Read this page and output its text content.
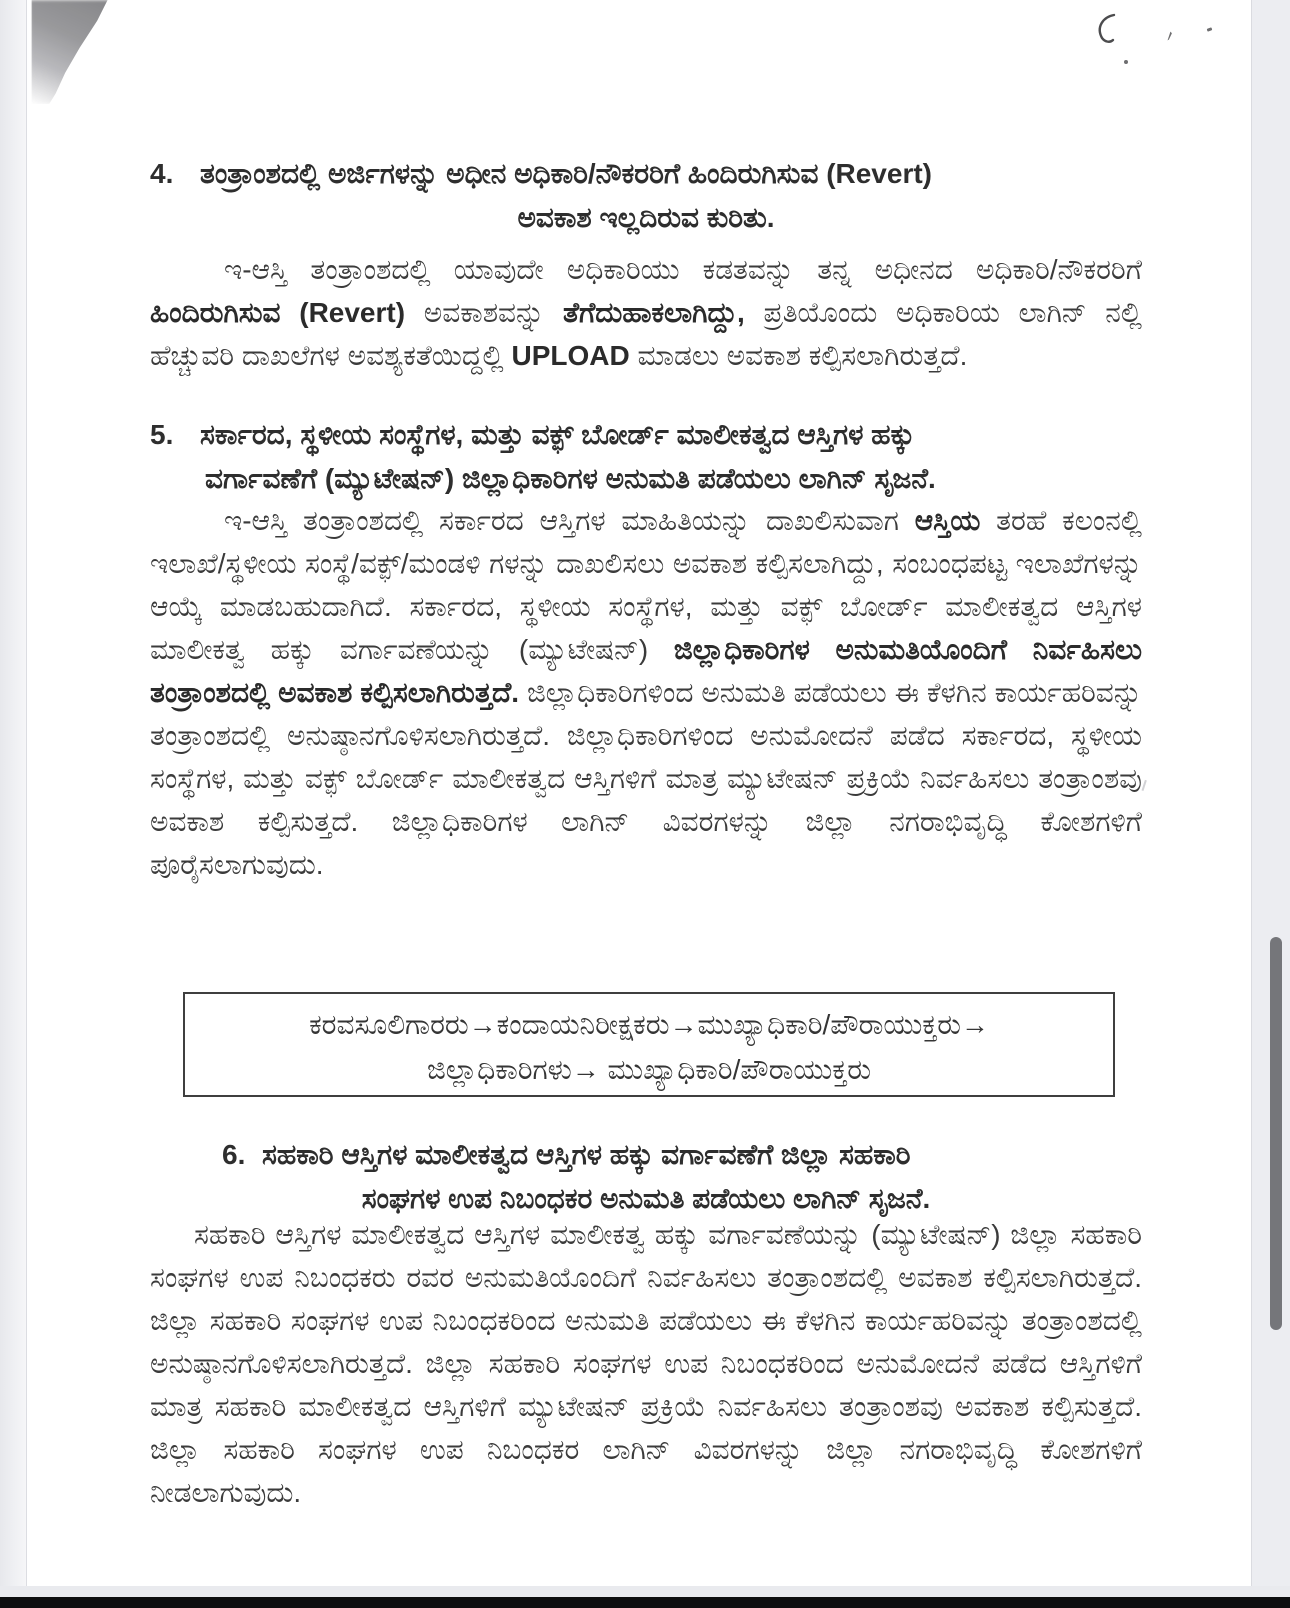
4. ತಂತ್ರಾಂಶದಲ್ಲಿ ಅರ್ಜಿಗಳನ್ನು ಅಧೀನ ಅಧಿಕಾರಿ/ನೌಕರರಿಗೆ ಹಿಂದಿರುಗಿಸುವ (Revert)
ಅವಕಾಶ ಇಲ್ಲದಿರುವ ಕುರಿತು.

ಇ-ಆಸ್ತಿ ತಂತ್ರಾಂಶದಲ್ಲಿ ಯಾವುದೇ ಅಧಿಕಾರಿಯು ಕಡತವನ್ನು ತನ್ನ ಅಧೀನದ ಅಧಿಕಾರಿ/ನೌಕರರಿಗೆ ಹಿಂದಿರುಗಿಸುವ (Revert) ಅವಕಾಶವನ್ನು ತೆಗೆದುಹಾಕಲಾಗಿದ್ದು, ಪ್ರತಿಯೊಂದು ಅಧಿಕಾರಿಯ ಲಾಗಿನ್ ನಲ್ಲಿ ಹೆಚ್ಚುವರಿ ದಾಖಲೆಗಳ ಅವಶ್ಯಕತೆಯಿದ್ದಲ್ಲಿ UPLOAD ಮಾಡಲು ಅವಕಾಶ ಕಲ್ಪಿಸಲಾಗಿರುತ್ತದೆ.

5. ಸರ್ಕಾರದ, ಸ್ಥಳೀಯ ಸಂಸ್ಥೆಗಳ, ಮತ್ತು ವಕ್ಫ್ ಬೋರ್ಡ್ ಮಾಲೀಕತ್ವದ ಆಸ್ತಿಗಳ ಹಕ್ಕು
ವರ್ಗಾವಣೆಗೆ (ಮ್ಯುಟೇಷನ್) ಜಿಲ್ಲಾಧಿಕಾರಿಗಳ ಅನುಮತಿ ಪಡೆಯಲು ಲಾಗಿನ್ ಸೃಜನೆ.

ಇ-ಆಸ್ತಿ ತಂತ್ರಾಂಶದಲ್ಲಿ ಸರ್ಕಾರದ ಆಸ್ತಿಗಳ ಮಾಹಿತಿಯನ್ನು ದಾಖಲಿಸುವಾಗ ಆಸ್ತಿಯ ತರಹೆ ಕಲಂನಲ್ಲಿ ಇಲಾಖೆ/ಸ್ಥಳೀಯ ಸಂಸ್ಥೆ/ವಕ್ಫ್/ಮಂಡಳಿ ಗಳನ್ನು ದಾಖಲಿಸಲು ಅವಕಾಶ ಕಲ್ಪಿಸಲಾಗಿದ್ದು, ಸಂಬಂಧಪಟ್ಟ ಇಲಾಖೆಗಳನ್ನು ಆಯ್ಕೆ ಮಾಡಬಹುದಾಗಿದೆ. ಸರ್ಕಾರದ, ಸ್ಥಳೀಯ ಸಂಸ್ಥೆಗಳ, ಮತ್ತು ವಕ್ಫ್ ಬೋರ್ಡ್ ಮಾಲೀಕತ್ವದ ಆಸ್ತಿಗಳ ಮಾಲೀಕತ್ವ ಹಕ್ಕು ವರ್ಗಾವಣೆಯನ್ನು (ಮ್ಯುಟೇಷನ್) ಜಿಲ್ಲಾಧಿಕಾರಿಗಳ ಅನುಮತಿಯೊಂದಿಗೆ ನಿರ್ವಹಿಸಲು ತಂತ್ರಾಂಶದಲ್ಲಿ ಅವಕಾಶ ಕಲ್ಪಿಸಲಾಗಿರುತ್ತದೆ. ಜಿಲ್ಲಾಧಿಕಾರಿಗಳಿಂದ ಅನುಮತಿ ಪಡೆಯಲು ಈ ಕೆಳಗಿನ ಕಾರ್ಯಹರಿವನ್ನು ತಂತ್ರಾಂಶದಲ್ಲಿ ಅನುಷ್ಠಾನಗೊಳಿಸಲಾಗಿರುತ್ತದೆ. ಜಿಲ್ಲಾಧಿಕಾರಿಗಳಿಂದ ಅನುಮೋದನೆ ಪಡೆದ ಸರ್ಕಾರದ, ಸ್ಥಳೀಯ ಸಂಸ್ಥೆಗಳ, ಮತ್ತು ವಕ್ಫ್ ಬೋರ್ಡ್ ಮಾಲೀಕತ್ವದ ಆಸ್ತಿಗಳಿಗೆ ಮಾತ್ರ ಮ್ಯುಟೇಷನ್ ಪ್ರಕ್ರಿಯೆ ನಿರ್ವಹಿಸಲು ತಂತ್ರಾಂಶವು ಅವಕಾಶ ಕಲ್ಪಿಸುತ್ತದೆ. ಜಿಲ್ಲಾಧಿಕಾರಿಗಳ ಲಾಗಿನ್ ವಿವರಗಳನ್ನು ಜಿಲ್ಲಾ ನಗರಾಭಿವೃದ್ಧಿ ಕೋಶಗಳಿಗೆ ಪೂರೈಸಲಾಗುವುದು.

ಕರವಸೂಲಿಗಾರರು→ಕಂದಾಯನಿರೀಕ್ಷಕರು→ಮುಖ್ಯಾಧಿಕಾರಿ/ಪೌರಾಯುಕ್ತರು→
ಜಿಲ್ಲಾಧಿಕಾರಿಗಳು→ ಮುಖ್ಯಾಧಿಕಾರಿ/ಪೌರಾಯುಕ್ತರು
6. ಸಹಕಾರಿ ಆಸ್ತಿಗಳ ಮಾಲೀಕತ್ವದ ಆಸ್ತಿಗಳ ಹಕ್ಕು ವರ್ಗಾವಣೆಗೆ ಜಿಲ್ಲಾ ಸಹಕಾರಿ
ಸಂಘಗಳ ಉಪ ನಿಬಂಧಕರ ಅನುಮತಿ ಪಡೆಯಲು ಲಾಗಿನ್ ಸೃಜನೆ.

ಸಹಕಾರಿ ಆಸ್ತಿಗಳ ಮಾಲೀಕತ್ವದ ಆಸ್ತಿಗಳ ಮಾಲೀಕತ್ವ ಹಕ್ಕು ವರ್ಗಾವಣೆಯನ್ನು (ಮ್ಯುಟೇಷನ್) ಜಿಲ್ಲಾ ಸಹಕಾರಿ ಸಂಘಗಳ ಉಪ ನಿಬಂಧಕರು ರವರ ಅನುಮತಿಯೊಂದಿಗೆ ನಿರ್ವಹಿಸಲು ತಂತ್ರಾಂಶದಲ್ಲಿ ಅವಕಾಶ ಕಲ್ಪಿಸಲಾಗಿರುತ್ತದೆ. ಜಿಲ್ಲಾ ಸಹಕಾರಿ ಸಂಘಗಳ ಉಪ ನಿಬಂಧಕರಿಂದ ಅನುಮತಿ ಪಡೆಯಲು ಈ ಕೆಳಗಿನ ಕಾರ್ಯಹರಿವನ್ನು ತಂತ್ರಾಂಶದಲ್ಲಿ ಅನುಷ್ಠಾನಗೊಳಿಸಲಾಗಿರುತ್ತದೆ. ಜಿಲ್ಲಾ ಸಹಕಾರಿ ಸಂಘಗಳ ಉಪ ನಿಬಂಧಕರಿಂದ ಅನುಮೋದನೆ ಪಡೆದ ಆಸ್ತಿಗಳಿಗೆ ಮಾತ್ರ ಸಹಕಾರಿ ಮಾಲೀಕತ್ವದ ಆಸ್ತಿಗಳಿಗೆ ಮ್ಯುಟೇಷನ್ ಪ್ರಕ್ರಿಯೆ ನಿರ್ವಹಿಸಲು ತಂತ್ರಾಂಶವು ಅವಕಾಶ ಕಲ್ಪಿಸುತ್ತದೆ. ಜಿಲ್ಲಾ ಸಹಕಾರಿ ಸಂಘಗಳ ಉಪ ನಿಬಂಧಕರ ಲಾಗಿನ್ ವಿವರಗಳನ್ನು ಜಿಲ್ಲಾ ನಗರಾಭಿವೃದ್ಧಿ ಕೋಶಗಳಿಗೆ ನೀಡಲಾಗುವುದು.
